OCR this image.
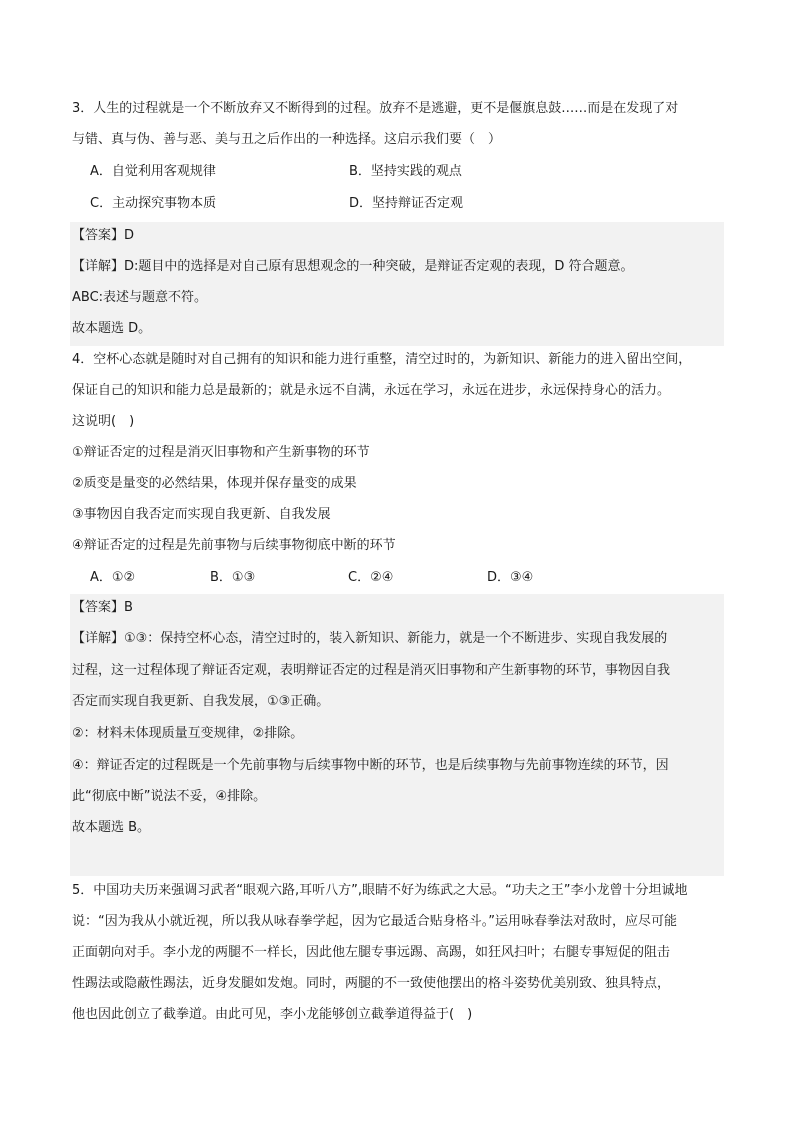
3．人生的过程就是一个不断放弃又不断得到的过程。放弃不是逃避，更不是偃旗息鼓……而是在发现了对
与错、真与伪、善与恶、美与丑之后作出的一种选择。这启示我们要（　）
A．自觉利用客观规律	B．坚持实践的观点
C．主动探究事物本质	D．坚持辩证否定观
【答案】D
【详解】D:题目中的选择是对自己原有思想观念的一种突破，是辩证否定观的表现，D 符合题意。
ABC:表述与题意不符。
故本题选 D。
4．空杯心态就是随时对自己拥有的知识和能力进行重整，清空过时的，为新知识、新能力的进入留出空间，
保证自己的知识和能力总是最新的；就是永远不自满，永远在学习，永远在进步，永远保持身心的活力。
这说明(　)
①辩证否定的过程是消灭旧事物和产生新事物的环节
②质变是量变的必然结果，体现并保存量变的成果
③事物因自我否定而实现自我更新、自我发展
④辩证否定的过程是先前事物与后续事物彻底中断的环节
A．①②	B．①③	C．②④	D．③④
【答案】B
【详解】①③：保持空杯心态，清空过时的，装入新知识、新能力，就是一个不断进步、实现自我发展的
过程，这一过程体现了辩证否定观，表明辩证否定的过程是消灭旧事物和产生新事物的环节，事物因自我
否定而实现自我更新、自我发展，①③正确。
②：材料未体现质量互变规律，②排除。
④：辩证否定的过程既是一个先前事物与后续事物中断的环节，也是后续事物与先前事物连续的环节，因
此“彻底中断”说法不妥，④排除。
故本题选 B。
5．中国功夫历来强调习武者“眼观六路,耳听八方”,眼睛不好为练武之大忌。“功夫之王”李小龙曾十分坦诚地
说：“因为我从小就近视，所以我从咏春拳学起，因为它最适合贴身格斗。”运用咏春拳法对敌时，应尽可能
正面朝向对手。李小龙的两腿不一样长，因此他左腿专事远踢、高踢，如狂风扫叶；右腿专事短促的阻击
性踢法或隐蔽性踢法，近身发腿如发炮。同时，两腿的不一致使他摆出的格斗姿势优美别致、独具特点，
他也因此创立了截拳道。由此可见，李小龙能够创立截拳道得益于(　)
